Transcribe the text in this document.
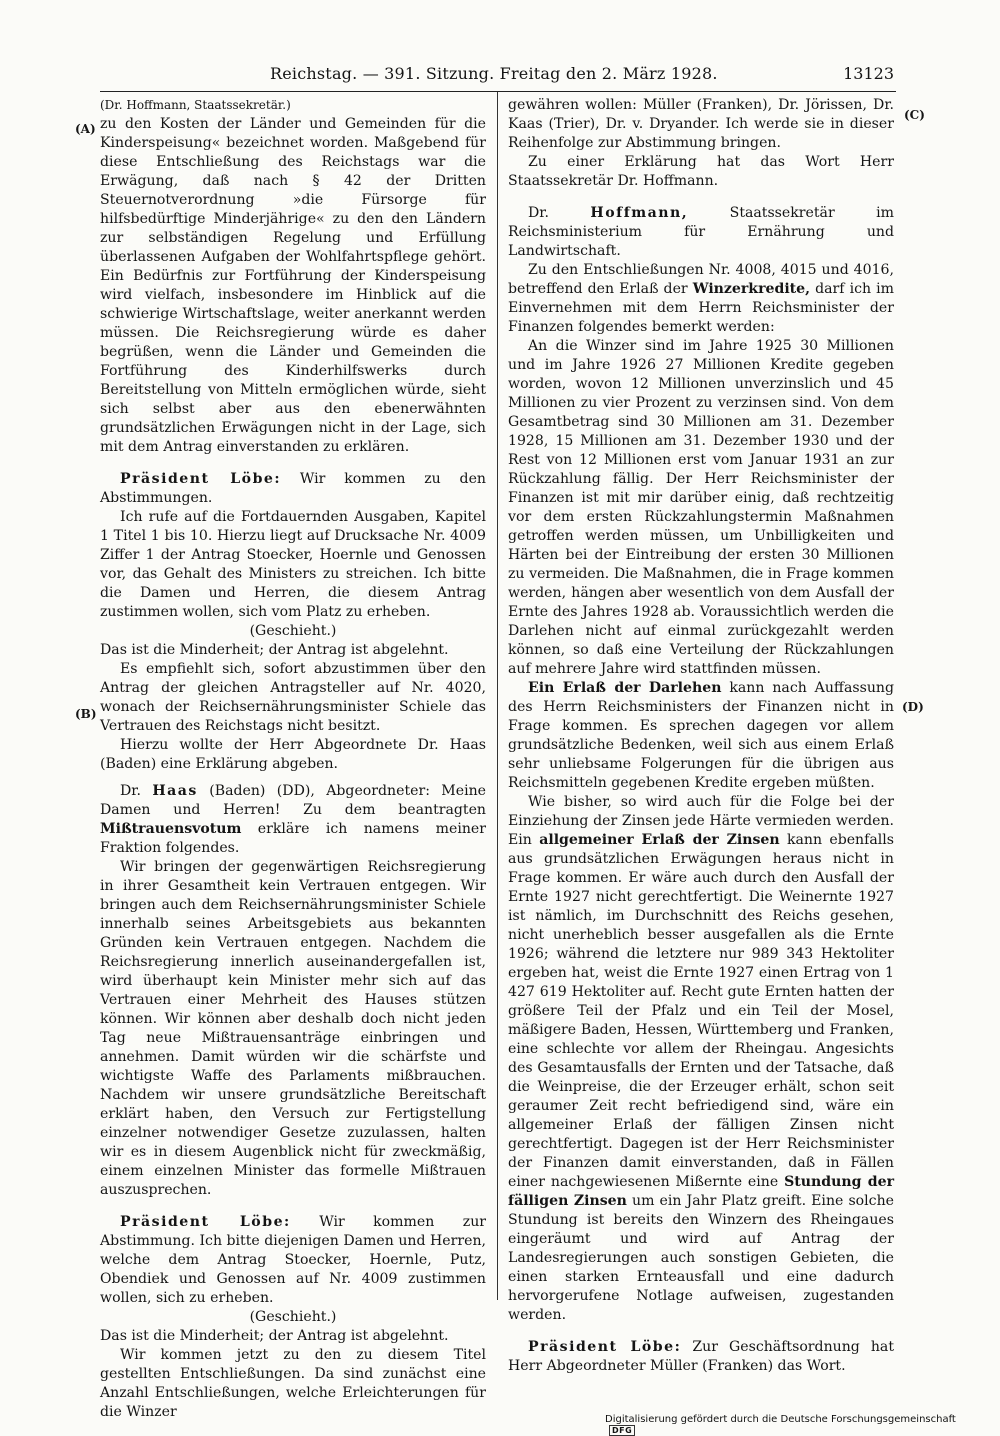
Reichstag. — 391. Sitzung. Freitag den 2. März 1928.	13123
(A)
(B)
(C)
(D)

(Dr. Hoffmann, Staatssekretär.)

zu den Kosten der Länder und Gemeinden für die Kinderspeisung« bezeichnet worden. Maßgebend für diese Entschließung des Reichstags war die Erwägung, daß nach § 42 der Dritten Steuernotverordnung »die Fürsorge für hilfsbedürftige Minderjährige« zu den den Ländern zur selbständigen Regelung und Erfüllung überlassenen Aufgaben der Wohlfahrtspflege gehört. Ein Bedürfnis zur Fortführung der Kinderspeisung wird vielfach, insbesondere im Hinblick auf die schwierige Wirtschaftslage, weiter anerkannt werden müssen. Die Reichsregierung würde es daher begrüßen, wenn die Länder und Gemeinden die Fortführung des Kinderhilfswerks durch Bereitstellung von Mitteln ermöglichen würde, sieht sich selbst aber aus den ebenerwähnten grundsätzlichen Erwägungen nicht in der Lage, sich mit dem Antrag einverstanden zu erklären.

Präsident Löbe: Wir kommen zu den Abstimmungen.

Ich rufe auf die Fortdauernden Ausgaben, Kapitel 1 Titel 1 bis 10. Hierzu liegt auf Drucksache Nr. 4009 Ziffer 1 der Antrag Stoecker, Hoernle und Genossen vor, das Gehalt des Ministers zu streichen. Ich bitte die Damen und Herren, die diesem Antrag zustimmen wollen, sich vom Platz zu erheben.

(Geschieht.)

Das ist die Minderheit; der Antrag ist abgelehnt.

Es empfiehlt sich, sofort abzustimmen über den Antrag der gleichen Antragsteller auf Nr. 4020, wonach der Reichsernährungsminister Schiele das Vertrauen des Reichstags nicht besitzt.

Hierzu wollte der Herr Abgeordnete Dr. Haas (Baden) eine Erklärung abgeben.

Dr. Haas (Baden) (DD), Abgeordneter: Meine Damen und Herren! Zu dem beantragten Mißtrauensvotum erkläre ich namens meiner Fraktion folgendes.

Wir bringen der gegenwärtigen Reichsregierung in ihrer Gesamtheit kein Vertrauen entgegen. Wir bringen auch dem Reichsernährungsminister Schiele innerhalb seines Arbeitsgebiets aus bekannten Gründen kein Vertrauen entgegen. Nachdem die Reichsregierung innerlich auseinandergefallen ist, wird überhaupt kein Minister mehr sich auf das Vertrauen einer Mehrheit des Hauses stützen können. Wir können aber deshalb doch nicht jeden Tag neue Mißtrauensanträge einbringen und annehmen. Damit würden wir die schärfste und wichtigste Waffe des Parlaments mißbrauchen. Nachdem wir unsere grundsätzliche Bereitschaft erklärt haben, den Versuch zur Fertigstellung einzelner notwendiger Gesetze zuzulassen, halten wir es in diesem Augenblick nicht für zweckmäßig, einem einzelnen Minister das formelle Mißtrauen auszusprechen.

Präsident Löbe: Wir kommen zur Abstimmung. Ich bitte diejenigen Damen und Herren, welche dem Antrag Stoecker, Hoernle, Putz, Obendiek und Genossen auf Nr. 4009 zustimmen wollen, sich zu erheben.

(Geschieht.)

Das ist die Minderheit; der Antrag ist abgelehnt.

Wir kommen jetzt zu den zu diesem Titel gestellten Entschließungen. Da sind zunächst eine Anzahl Entschließungen, welche Erleichterungen für die Winzer

gewähren wollen: Müller (Franken), Dr. Jörissen, Dr. Kaas (Trier), Dr. v. Dryander. Ich werde sie in dieser Reihenfolge zur Abstimmung bringen.

Zu einer Erklärung hat das Wort Herr Staatssekretär Dr. Hoffmann.

Dr. Hoffmann, Staatssekretär im Reichsministerium für Ernährung und Landwirtschaft.

Zu den Entschließungen Nr. 4008, 4015 und 4016, betreffend den Erlaß der Winzerkredite, darf ich im Einvernehmen mit dem Herrn Reichsminister der Finanzen folgendes bemerkt werden:

An die Winzer sind im Jahre 1925 30 Millionen und im Jahre 1926 27 Millionen Kredite gegeben worden, wovon 12 Millionen unverzinslich und 45 Millionen zu vier Prozent zu verzinsen sind. Von dem Gesamtbetrag sind 30 Millionen am 31. Dezember 1928, 15 Millionen am 31. Dezember 1930 und der Rest von 12 Millionen erst vom Januar 1931 an zur Rückzahlung fällig. Der Herr Reichsminister der Finanzen ist mit mir darüber einig, daß rechtzeitig vor dem ersten Rückzahlungstermin Maßnahmen getroffen werden müssen, um Unbilligkeiten und Härten bei der Eintreibung der ersten 30 Millionen zu vermeiden. Die Maßnahmen, die in Frage kommen werden, hängen aber wesentlich von dem Ausfall der Ernte des Jahres 1928 ab. Voraussichtlich werden die Darlehen nicht auf einmal zurückgezahlt werden können, so daß eine Verteilung der Rückzahlungen auf mehrere Jahre wird stattfinden müssen.

Ein Erlaß der Darlehen kann nach Auffassung des Herrn Reichsministers der Finanzen nicht in Frage kommen. Es sprechen dagegen vor allem grundsätzliche Bedenken, weil sich aus einem Erlaß sehr unliebsame Folgerungen für die übrigen aus Reichsmitteln gegebenen Kredite ergeben müßten.

Wie bisher, so wird auch für die Folge bei der Einziehung der Zinsen jede Härte vermieden werden. Ein allgemeiner Erlaß der Zinsen kann ebenfalls aus grundsätzlichen Erwägungen heraus nicht in Frage kommen. Er wäre auch durch den Ausfall der Ernte 1927 nicht gerechtfertigt. Die Weinernte 1927 ist nämlich, im Durchschnitt des Reichs gesehen, nicht unerheblich besser ausgefallen als die Ernte 1926; während die letztere nur 989 343 Hektoliter ergeben hat, weist die Ernte 1927 einen Ertrag von 1 427 619 Hektoliter auf. Recht gute Ernten hatten der größere Teil der Pfalz und ein Teil der Mosel, mäßigere Baden, Hessen, Württemberg und Franken, eine schlechte vor allem der Rheingau. Angesichts des Gesamtausfalls der Ernten und der Tatsache, daß die Weinpreise, die der Erzeuger erhält, schon seit geraumer Zeit recht befriedigend sind, wäre ein allgemeiner Erlaß der fälligen Zinsen nicht gerechtfertigt. Dagegen ist der Herr Reichsminister der Finanzen damit einverstanden, daß in Fällen einer nachgewiesenen Mißernte eine Stundung der fälligen Zinsen um ein Jahr Platz greift. Eine solche Stundung ist bereits den Winzern des Rheingaues eingeräumt und wird auf Antrag der Landesregierungen auch sonstigen Gebieten, die einen starken Ernteausfall und eine dadurch hervorgerufene Notlage aufweisen, zugestanden werden.

Präsident Löbe: Zur Geschäftsordnung hat Herr Abgeordneter Müller (Franken) das Wort.

Digitalisierung gefördert durch die Deutsche ForschungsgemeinschaftDFG
